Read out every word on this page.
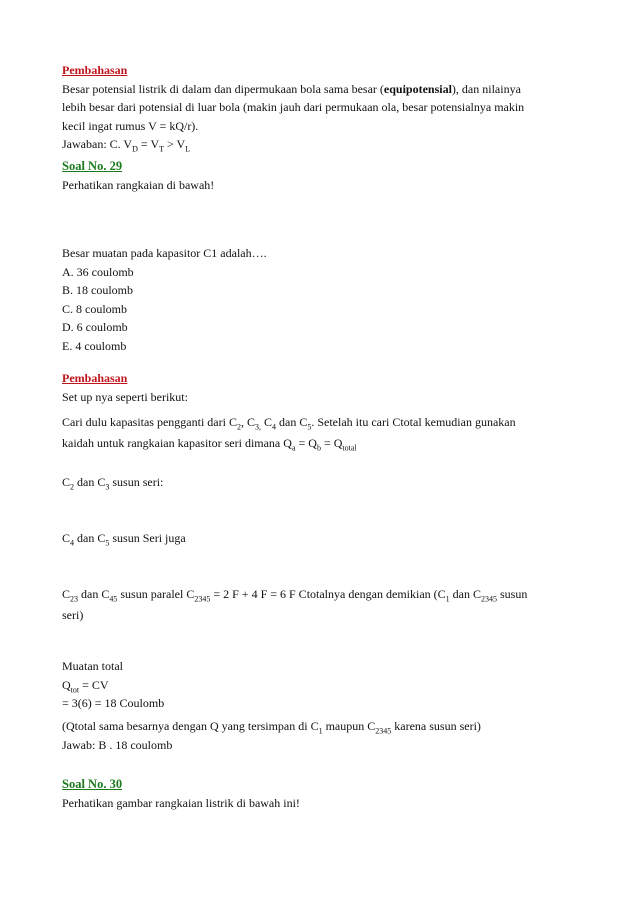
Pembahasan
Besar potensial listrik di dalam dan dipermukaan bola sama besar (equipotensial), dan nilainya
lebih besar dari potensial di luar bola (makin jauh dari permukaan ola, besar potensialnya makin
kecil ingat rumus V = kQ/r).
Jawaban: C. $V_D = V_T > V_L$
Soal No. 29
Perhatikan rangkaian di bawah!
Besar muatan pada kapasitor C1 adalah….
A. 36 coulomb
B. 18 coulomb
C. 8 coulomb
D. 6 coulomb
E. 4 coulomb
Pembahasan
Set up nya seperti berikut:
Cari dulu kapasitas pengganti dari $C_2$, $C_{3,}$ $C_4$ dan $C_5$. Setelah itu cari Ctotal kemudian gunakan
kaidah untuk rangkaian kapasitor seri dimana $Q_a = Q_b = Q_{total}$
$C_2$ dan $C_3$ susun seri:
$C_4$ dan $C_5$ susun Seri juga
$C_{23}$ dan $C_{45}$ susun paralel $C_{2345} = 2$ F + 4 F = 6 F Ctotalnya dengan demikian ($C_1$ dan $C_{2345}$ susun
seri)
Muatan total
$Q_{tot}$ = CV
= 3(6) = 18 Coulomb
(Qtotal sama besarnya dengan Q yang tersimpan di $C_1$ maupun $C_{2345}$ karena susun seri)
Jawab: B . 18 coulomb
Soal No. 30
Perhatikan gambar rangkaian listrik di bawah ini!
